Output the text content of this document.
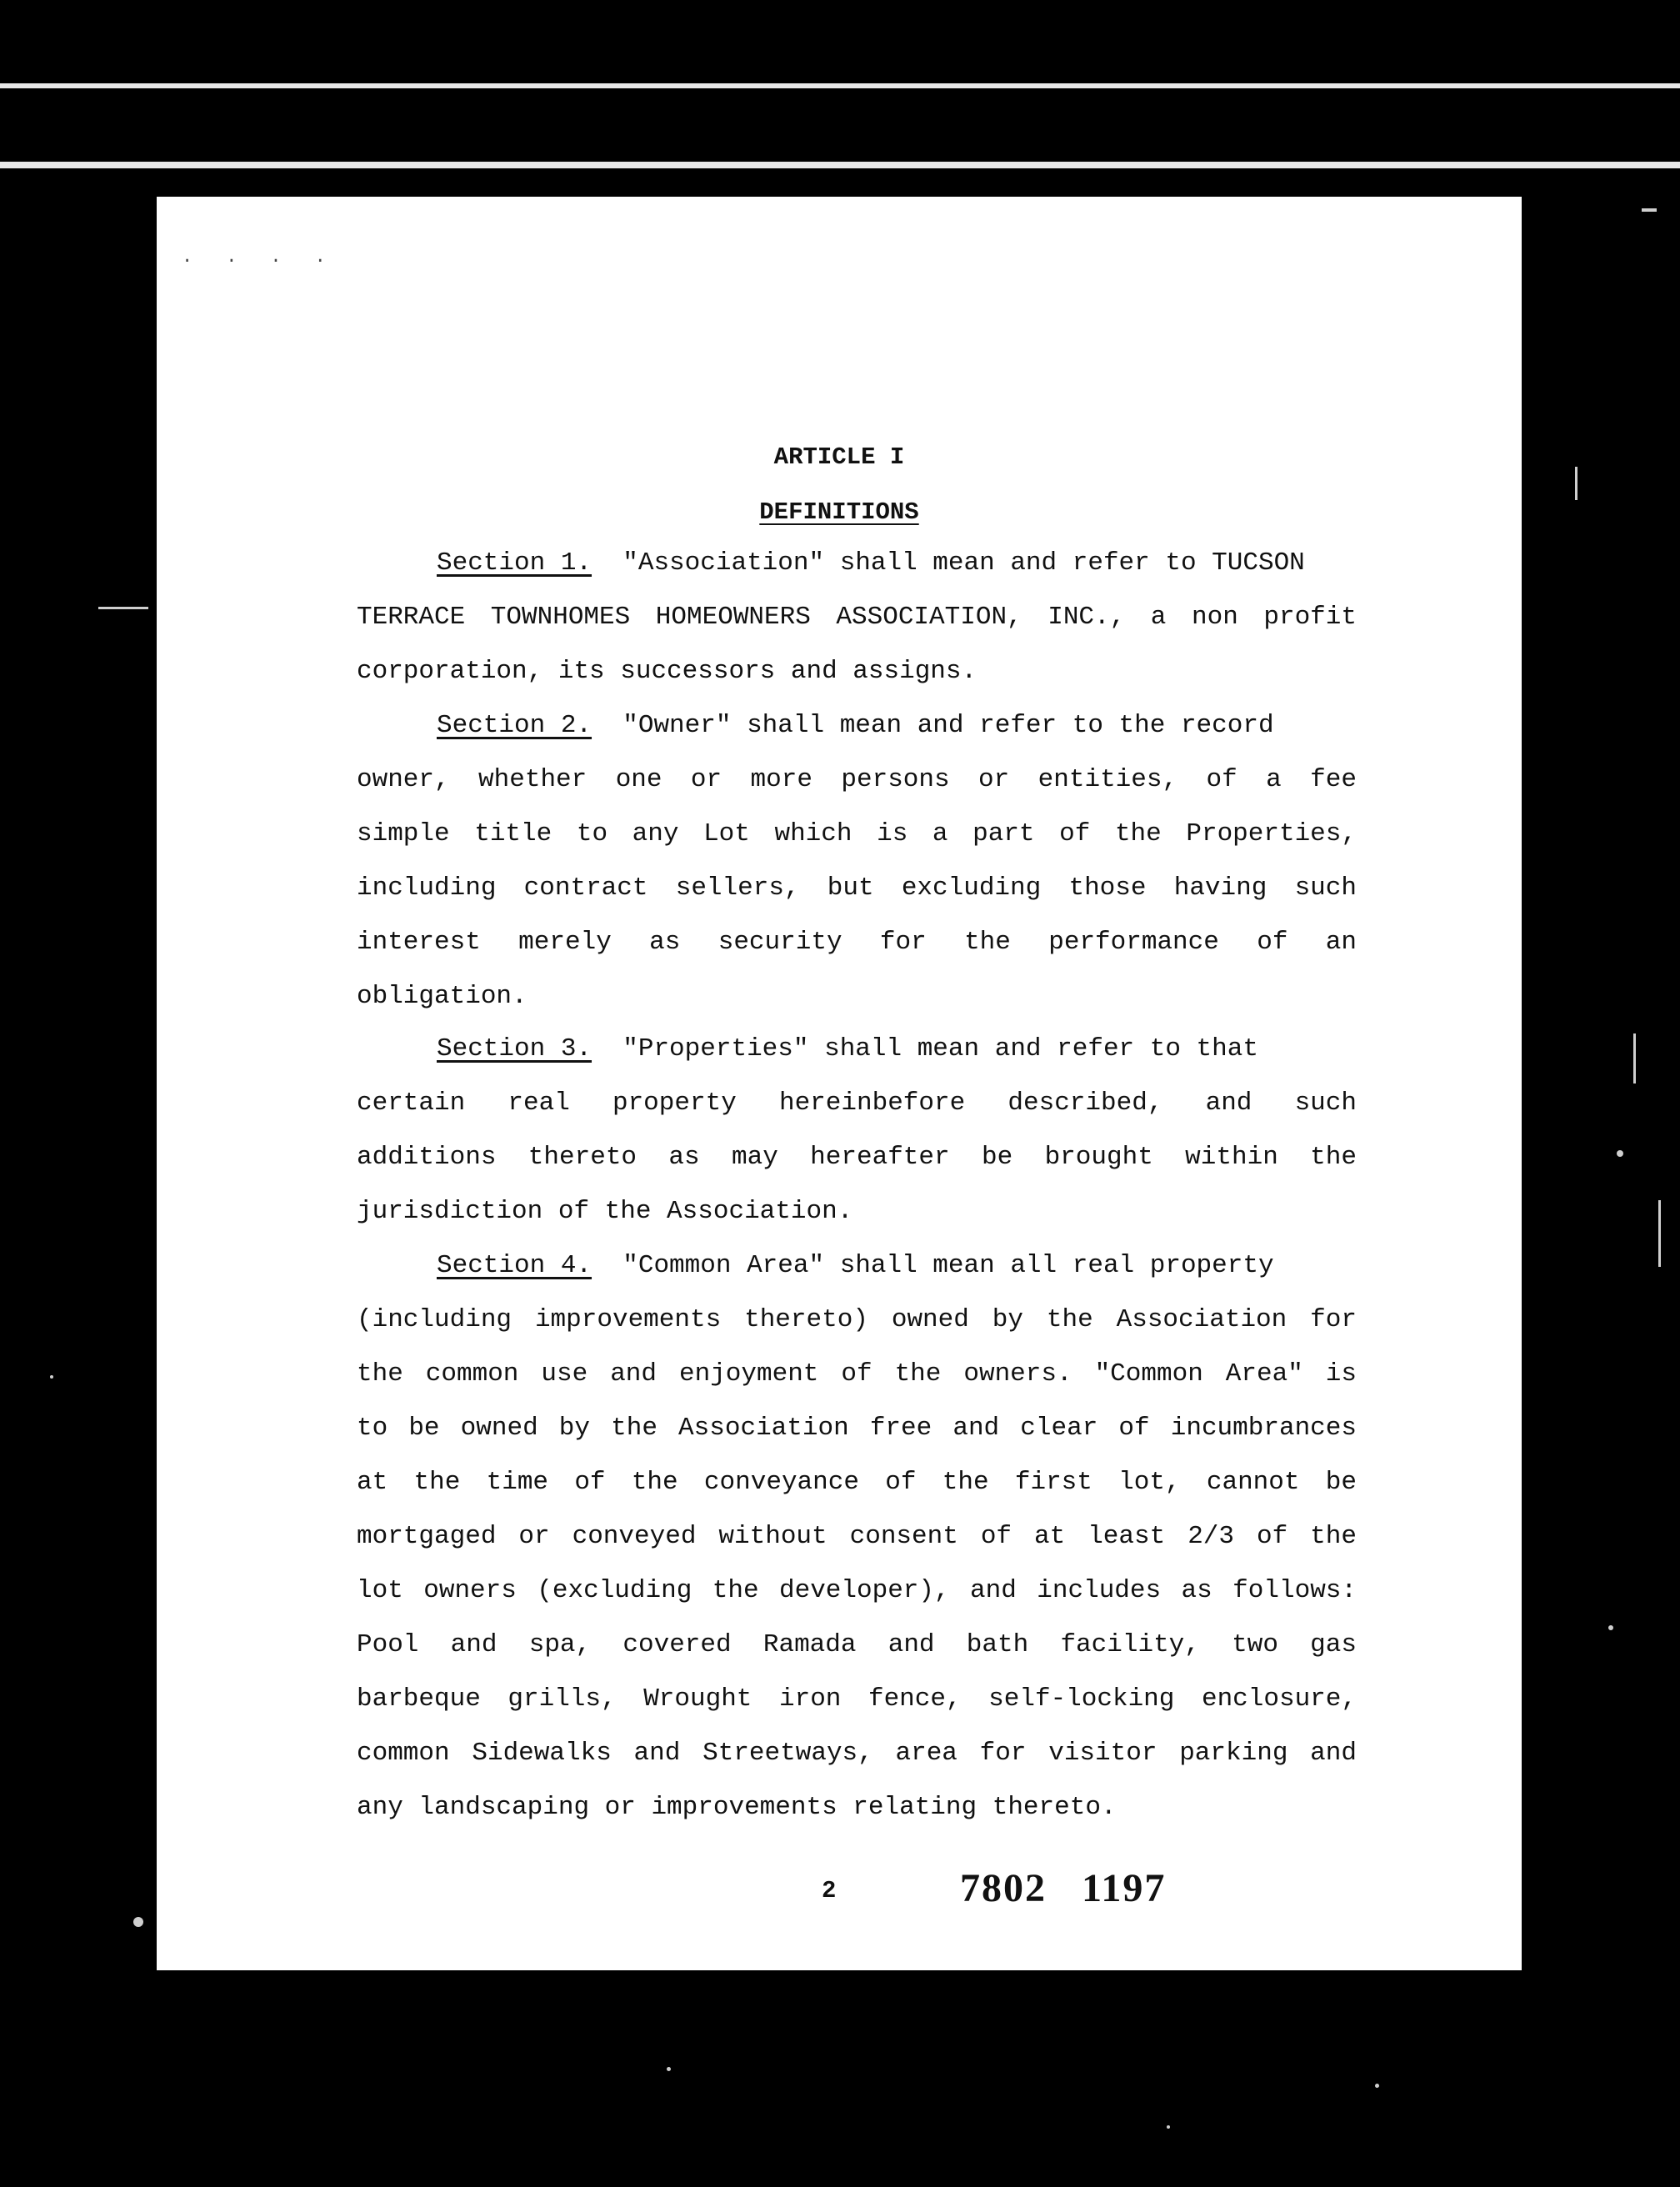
....
ARTICLE I
DEFINITIONS
Section 1. "Association" shall mean and refer to TUCSON
TERRACE TOWNHOMES HOMEOWNERS ASSOCIATION, INC., a non profit
corporation, its successors and assigns.
Section 2. "Owner" shall mean and refer to the record
owner, whether one or more persons or entities, of a fee
simple title to any Lot which is a part of the Properties,
including contract sellers, but excluding those having such
interest merely as security for the performance of an
obligation.
Section 3. "Properties" shall mean and refer to that
certain real property hereinbefore described, and such
additions thereto as may hereafter be brought within the
jurisdiction of the Association.
Section 4. "Common Area" shall mean all real property
(including improvements thereto) owned by the Association for
the common use and enjoyment of the owners. "Common Area" is
to be owned by the Association free and clear of incumbrances
at the time of the conveyance of the first lot, cannot be
mortgaged or conveyed without consent of at least 2/3 of the
lot owners (excluding the developer), and includes as follows:
Pool and spa, covered Ramada and bath facility, two gas
barbeque grills, Wrought iron fence, self-locking enclosure,
common Sidewalks and Streetways, area for visitor parking and
any landscaping or improvements relating thereto.
2	7802 1197
